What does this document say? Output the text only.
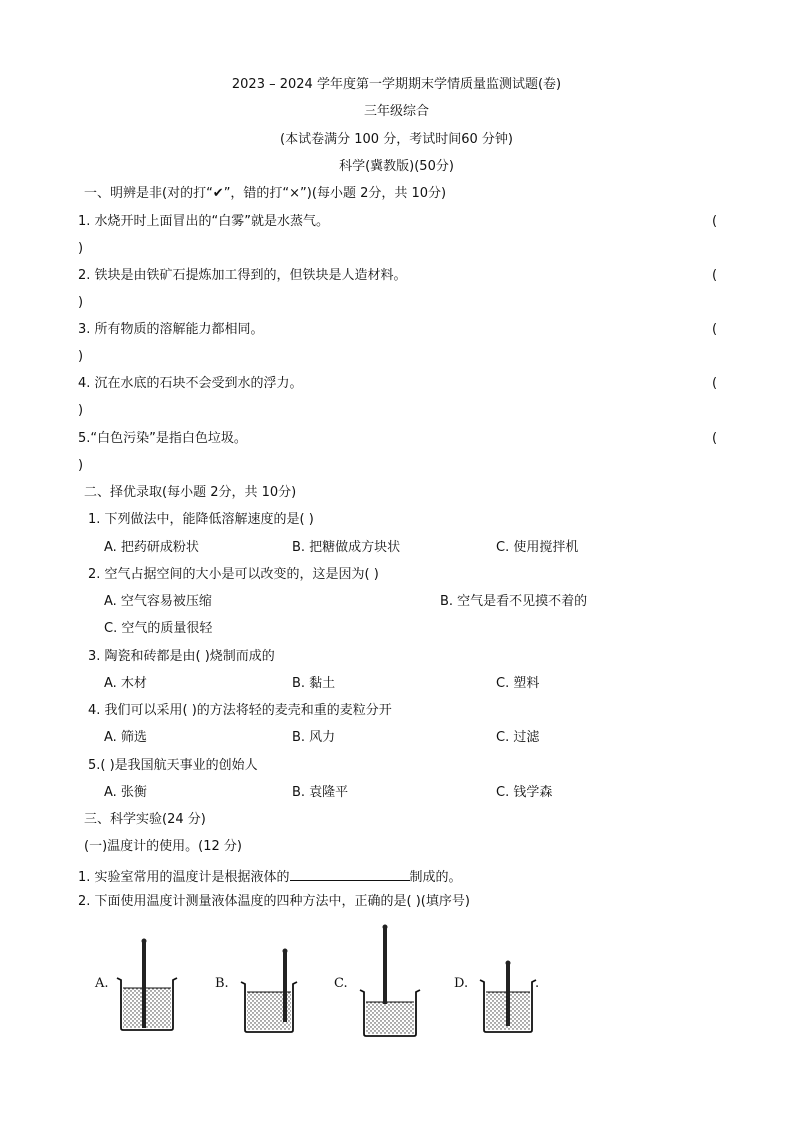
2023 – 2024 学年度第一学期期末学情质量监测试题(卷)
三年级综合
(本试卷满分 100 分，考试时间60 分钟)
科学(冀教版)(50分)
一、明辨是非(对的打“✔”，错的打“×”)(每小题 2分，共 10分)
1. 水烧开时上面冒出的“白雾”就是水蒸气。	(
)
2. 铁块是由铁矿石提炼加工得到的，但铁块是人造材料。	(
)
3. 所有物质的溶解能力都相同。	(
)
4. 沉在水底的石块不会受到水的浮力。	(
)
5.“白色污染”是指白色垃圾。	(
)
二、择优录取(每小题 2分，共 10分)
1. 下列做法中，能降低溶解速度的是( )
A. 把药研成粉状	B. 把糖做成方块状	C. 使用搅拌机
2. 空气占据空间的大小是可以改变的，这是因为( )
A. 空气容易被压缩	B. 空气是看不见摸不着的
C. 空气的质量很轻
3. 陶瓷和砖都是由( )烧制而成的
A. 木材	B. 黏土	C. 塑料
4. 我们可以采用( )的方法将轻的麦壳和重的麦粒分开
A. 筛选	B. 风力	C. 过滤
5.( )是我国航天事业的创始人
A. 张衡	B. 袁隆平	C. 钱学森
三、科学实验(24 分)
(一)温度计的使用。(12 分)
1. 实验室常用的温度计是根据液体的	制成的。
2. 下面使用温度计测量液体温度的四种方法中，正确的是( )(填序号)
A.	B.	C.	D.	.
